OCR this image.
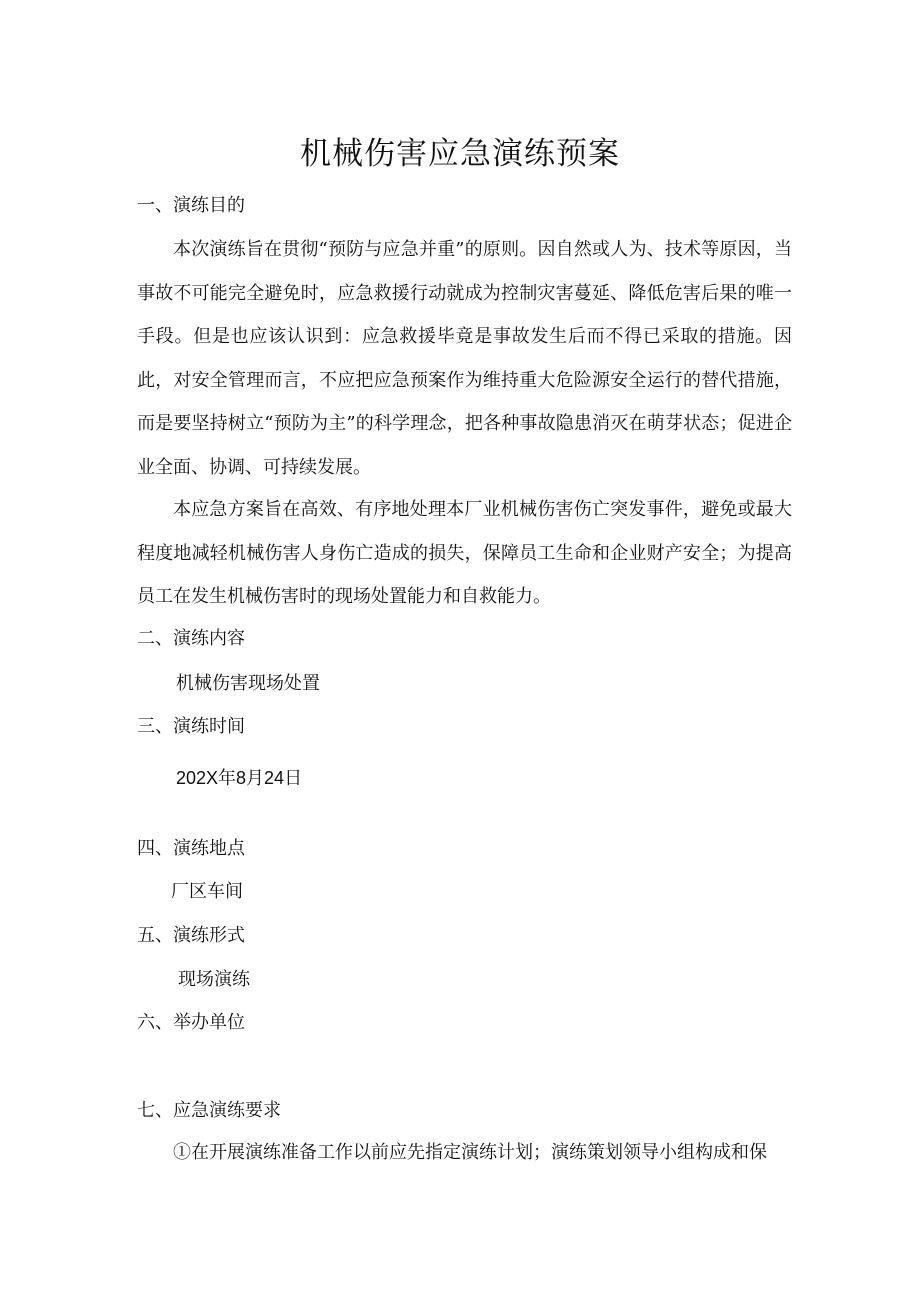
机械伤害应急演练预案
一、演练目的
本次演练旨在贯彻“预防与应急并重”的原则。因自然或人为、技术等原因，当事故不可能完全避免时，应急救援行动就成为控制灾害蔓延、降低危害后果的唯一手段。但是也应该认识到：应急救援毕竟是事故发生后而不得已采取的措施。因此，对安全管理而言，不应把应急预案作为维持重大危险源安全运行的替代措施，而是要坚持树立“预防为主”的科学理念，把各种事故隐患消灭在萌芽状态；促进企业全面、协调、可持续发展。
本应急方案旨在高效、有序地处理本厂业机械伤害伤亡突发事件，避免或最大程度地减轻机械伤害人身伤亡造成的损失，保障员工生命和企业财产安全；为提高员工在发生机械伤害时的现场处置能力和自救能力。
二、演练内容
机械伤害现场处置
三、演练时间
202X年8月24日
四、演练地点
厂区车间
五、演练形式
现场演练
六、举办单位
七、应急演练要求
①在开展演练准备工作以前应先指定演练计划；演练策划领导小组构成和保
